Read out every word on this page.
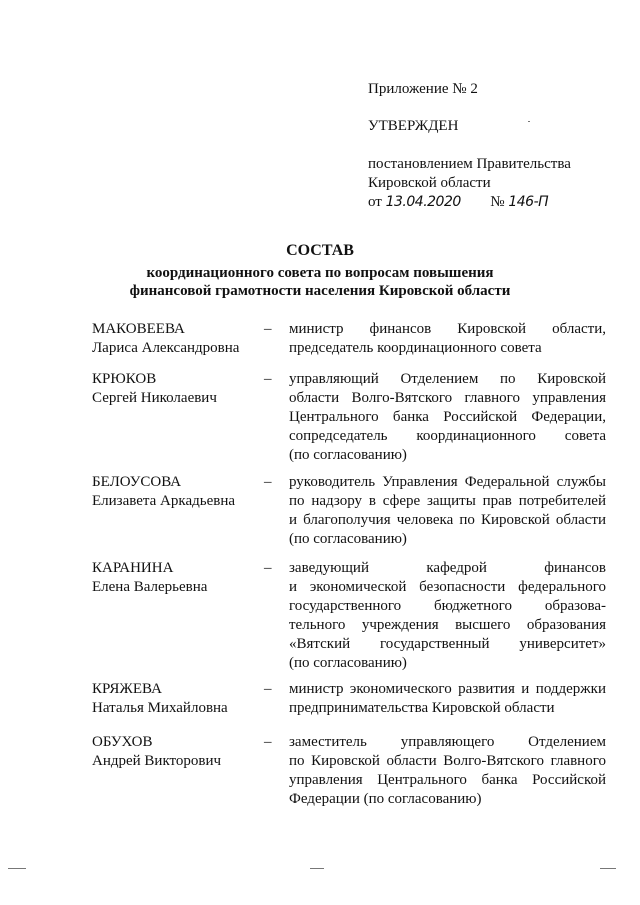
Приложение № 2
УТВЕРЖДЕН
постановлением Правительства
Кировской области
от 13.04.2020 № 146-П
СОСТАВ
координационного совета по вопросам повышения
финансовой грамотности населения Кировской области
МАКОВЕЕВА
Лариса Александровна
– министр финансов Кировской области,
председатель координационного совета
КРЮКОВ
Сергей Николаевич
– управляющий Отделением по Кировской
области Волго-Вятского главного управления
Центрального банка Российской Федерации,
сопредседатель координационного совета
(по согласованию)
БЕЛОУСОВА
Елизавета Аркадьевна
– руководитель Управления Федеральной службы
по надзору в сфере защиты прав потребителей
и благополучия человека по Кировской области
(по согласованию)
КАРАНИНА
Елена Валерьевна
– заведующий кафедрой финансов
и экономической безопасности федерального
государственного бюджетного образова-
тельного учреждения высшего образования
«Вятский государственный университет»
(по согласованию)
КРЯЖЕВА
Наталья Михайловна
– министр экономического развития и поддержки
предпринимательства Кировской области
ОБУХОВ
Андрей Викторович
– заместитель управляющего Отделением
по Кировской области Волго-Вятского главного
управления Центрального банка Российской
Федерации (по согласованию)
